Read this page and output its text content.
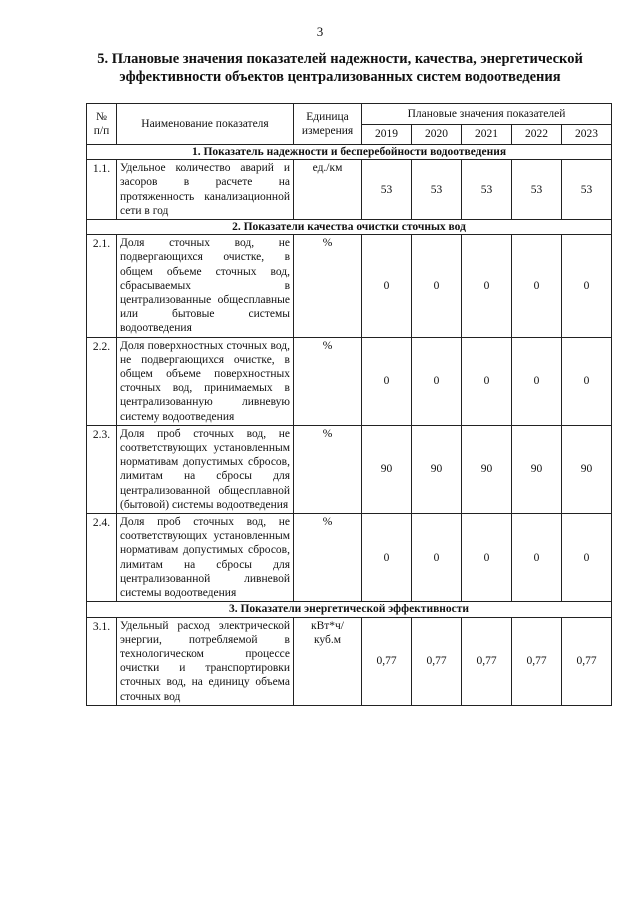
3
5. Плановые значения показателей надежности, качества, энергетической эффективности объектов централизованных систем водоотведения
№ п/п	Наименование показателя	Единица измерения	Плановые значения показателей				
			2019	2020	2021	2022	2023
1. Показатель надежности и бесперебойности водоотведения							
1.1.	Удельное количество аварий и засоров в расчете на протяженность канализационной сети в год	ед./км	53	53	53	53	53
2. Показатели качества очистки сточных вод							
2.1.	Доля сточных вод, не подвергающихся очистке, в общем объеме сточных вод, сбрасываемых в централизованные общесплавные или бытовые системы водоотведения	%	0	0	0	0	0
2.2.	Доля поверхностных сточных вод, не подвергающихся очистке, в общем объеме поверхностных сточных вод, принимаемых в централизованную ливневую систему водоотведения	%	0	0	0	0	0
2.3.	Доля проб сточных вод, не соответствующих установленным нормативам допустимых сбросов, лимитам на сбросы для централизованной общесплавной (бытовой) системы водоотведения	%	90	90	90	90	90
2.4.	Доля проб сточных вод, не соответствующих установленным нормативам допустимых сбросов, лимитам на сбросы для централизованной ливневой системы водоотведения	%	0	0	0	0	0
3. Показатели энергетической эффективности							
3.1.	Удельный расход электрической энергии, потребляемой в технологическом процессе очистки и транспортировки сточных вод, на единицу объема сточных вод	кВт*ч/ куб.м	0,77	0,77	0,77	0,77	0,77
